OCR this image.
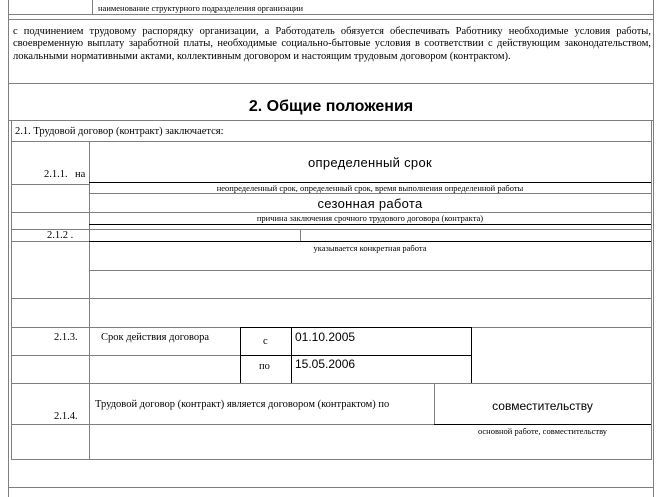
наименование структурного подразделения организации
с подчинением трудовому распорядку организации, а Работодатель обязуется обеспечивать Работнику необходимые условия работы, своевременную выплату заработной платы, необходимые социально-бытовые условия в соответствии с действующим законодательством, локальными нормативными актами, коллективным договором и настоящим трудовым договором (контрактом).
2. Общие положения
2.1. Трудовой договор (контракт) заключается:
определенный срок
2.1.1. на
неопределенный срок, определенный срок, время выполнения определенной работы
сезонная работа
причина заключения срочного трудового договора (контракта)
2.1.2 .
указывается конкретная работа
2.1.3. Срок действия договора	с 01.10.2005
по 15.05.2006
Трудовой договор (контракт) является договором (контрактом) по	совместительству
2.1.4.
основной работе, совместительству
